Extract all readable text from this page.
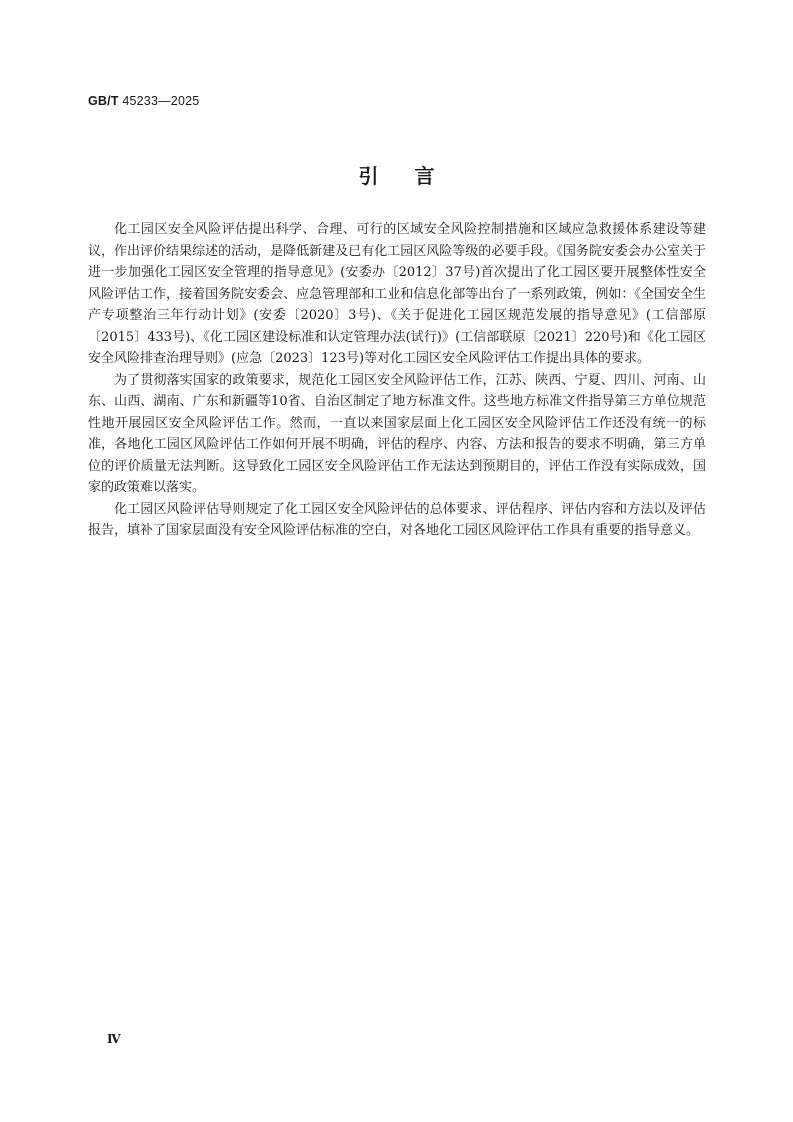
GB/T 45233—2025
引言

化工园区安全风险评估提出科学、合理、可行的区域安全风险控制措施和区域应急救援体系建设等建议，作出评价结果综述的活动，是降低新建及已有化工园区风险等级的必要手段。《国务院安委会办公室关于进一步加强化工园区安全管理的指导意见》(安委办〔2012〕37号)首次提出了化工园区要开展整体性安全风险评估工作，接着国务院安委会、应急管理部和工业和信息化部等出台了一系列政策，例如：《全国安全生产专项整治三年行动计划》(安委〔2020〕3号)、《关于促进化工园区规范发展的指导意见》(工信部原〔2015〕433号)、《化工园区建设标准和认定管理办法(试行)》(工信部联原〔2021〕220号)和《化工园区安全风险排查治理导则》(应急〔2023〕123号)等对化工园区安全风险评估工作提出具体的要求。

为了贯彻落实国家的政策要求，规范化工园区安全风险评估工作，江苏、陕西、宁夏、四川、河南、山东、山西、湖南、广东和新疆等10省、自治区制定了地方标准文件。这些地方标准文件指导第三方单位规范性地开展园区安全风险评估工作。然而，一直以来国家层面上化工园区安全风险评估工作还没有统一的标准，各地化工园区风险评估工作如何开展不明确，评估的程序、内容、方法和报告的要求不明确，第三方单位的评价质量无法判断。这导致化工园区安全风险评估工作无法达到预期目的，评估工作没有实际成效，国家的政策难以落实。

化工园区风险评估导则规定了化工园区安全风险评估的总体要求、评估程序、评估内容和方法以及评估报告，填补了国家层面没有安全风险评估标准的空白，对各地化工园区风险评估工作具有重要的指导意义。

Ⅳ
